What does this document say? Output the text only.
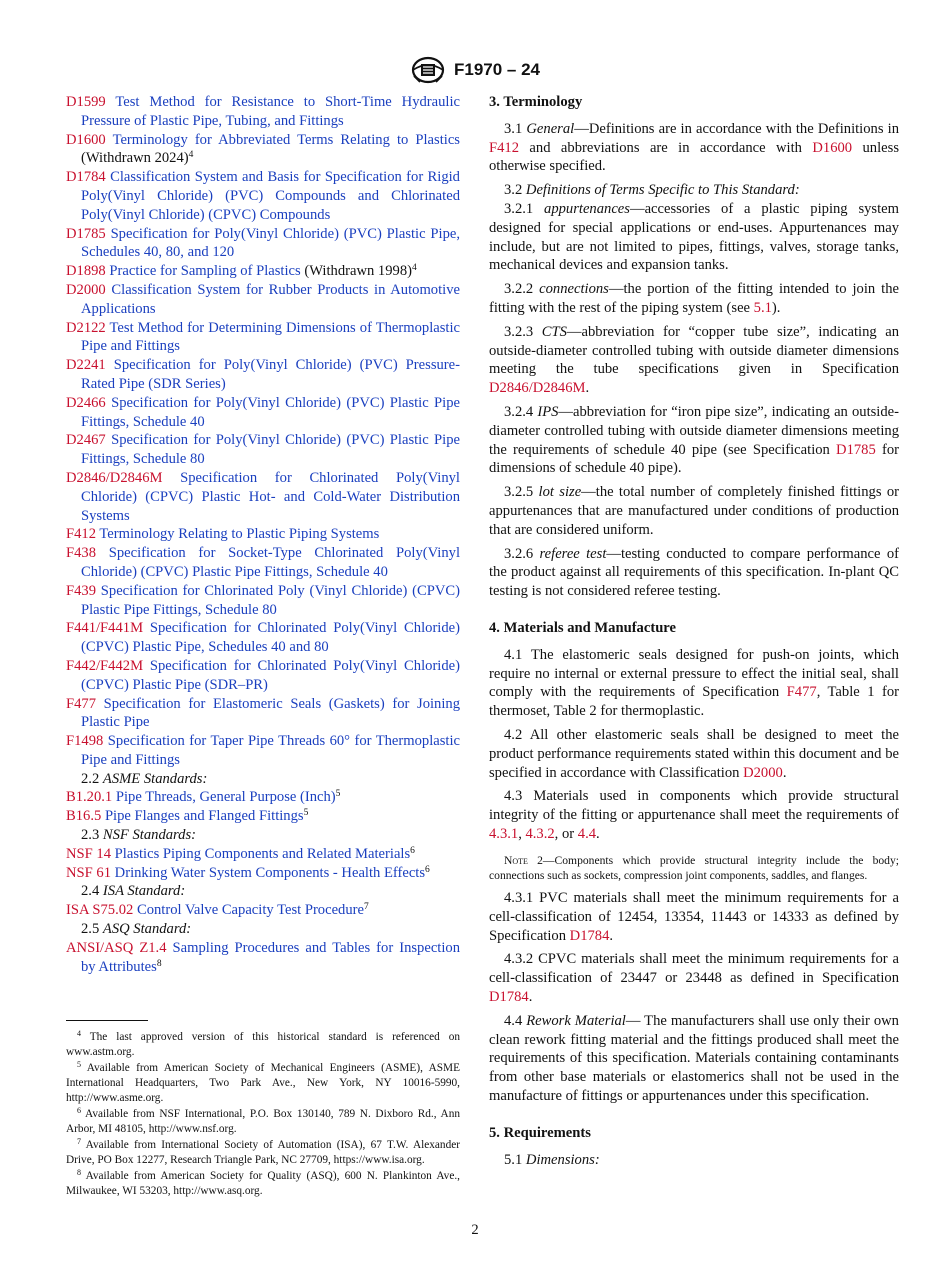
F1970 – 24
D1599 Test Method for Resistance to Short-Time Hydraulic Pressure of Plastic Pipe, Tubing, and Fittings
D1600 Terminology for Abbreviated Terms Relating to Plastics (Withdrawn 2024)$^4$
D1784 Classification System and Basis for Specification for Rigid Poly(Vinyl Chloride) (PVC) Compounds and Chlorinated Poly(Vinyl Chloride) (CPVC) Compounds
D1785 Specification for Poly(Vinyl Chloride) (PVC) Plastic Pipe, Schedules 40, 80, and 120
D1898 Practice for Sampling of Plastics (Withdrawn 1998)$^4$
D2000 Classification System for Rubber Products in Automotive Applications
D2122 Test Method for Determining Dimensions of Thermoplastic Pipe and Fittings
D2241 Specification for Poly(Vinyl Chloride) (PVC) Pressure-Rated Pipe (SDR Series)
D2466 Specification for Poly(Vinyl Chloride) (PVC) Plastic Pipe Fittings, Schedule 40
D2467 Specification for Poly(Vinyl Chloride) (PVC) Plastic Pipe Fittings, Schedule 80
D2846/D2846M Specification for Chlorinated Poly(Vinyl Chloride) (CPVC) Plastic Hot- and Cold-Water Distribution Systems
F412 Terminology Relating to Plastic Piping Systems
F438 Specification for Socket-Type Chlorinated Poly(Vinyl Chloride) (CPVC) Plastic Pipe Fittings, Schedule 40
F439 Specification for Chlorinated Poly (Vinyl Chloride) (CPVC) Plastic Pipe Fittings, Schedule 80
F441/F441M Specification for Chlorinated Poly(Vinyl Chloride) (CPVC) Plastic Pipe, Schedules 40 and 80
F442/F442M Specification for Chlorinated Poly(Vinyl Chloride) (CPVC) Plastic Pipe (SDR–PR)
F477 Specification for Elastomeric Seals (Gaskets) for Joining Plastic Pipe
F1498 Specification for Taper Pipe Threads 60° for Thermoplastic Pipe and Fittings
2.2 ASME Standards:
B1.20.1 Pipe Threads, General Purpose (Inch)$^5$
B16.5 Pipe Flanges and Flanged Fittings$^5$
2.3 NSF Standards:
NSF 14 Plastics Piping Components and Related Materials$^6$
NSF 61 Drinking Water System Components - Health Effects$^6$
2.4 ISA Standard:
ISA S75.02 Control Valve Capacity Test Procedure$^7$
2.5 ASQ Standard:
ANSI/ASQ Z1.4 Sampling Procedures and Tables for Inspection by Attributes$^8$
$^4$ The last approved version of this historical standard is referenced on www.astm.org.
$^5$ Available from American Society of Mechanical Engineers (ASME), ASME International Headquarters, Two Park Ave., New York, NY 10016-5990, http://www.asme.org.
$^6$ Available from NSF International, P.O. Box 130140, 789 N. Dixboro Rd., Ann Arbor, MI 48105, http://www.nsf.org.
$^7$ Available from International Society of Automation (ISA), 67 T.W. Alexander Drive, PO Box 12277, Research Triangle Park, NC 27709, https://www.isa.org.
$^8$ Available from American Society for Quality (ASQ), 600 N. Plankinton Ave., Milwaukee, WI 53203, http://www.asq.org.
3. Terminology
3.1 General—Definitions are in accordance with the Definitions in F412 and abbreviations are in accordance with D1600 unless otherwise specified.
3.2 Definitions of Terms Specific to This Standard:
3.2.1 appurtenances—accessories of a plastic piping system designed for special applications or end-uses. Appurtenances may include, but are not limited to pipes, fittings, valves, storage tanks, mechanical devices and expansion tanks.
3.2.2 connections—the portion of the fitting intended to join the fitting with the rest of the piping system (see 5.1).
3.2.3 CTS—abbreviation for “copper tube size”, indicating an outside-diameter controlled tubing with outside diameter dimensions meeting the tube specifications given in Specification D2846/D2846M.
3.2.4 IPS—abbreviation for “iron pipe size”, indicating an outside-diameter controlled tubing with outside diameter dimensions meeting the requirements of schedule 40 pipe (see Specification D1785 for dimensions of schedule 40 pipe).
3.2.5 lot size—the total number of completely finished fittings or appurtenances that are manufactured under conditions of production that are considered uniform.
3.2.6 referee test—testing conducted to compare performance of the product against all requirements of this specification. In-plant QC testing is not considered referee testing.
4. Materials and Manufacture
4.1 The elastomeric seals designed for push-on joints, which require no internal or external pressure to effect the initial seal, shall comply with the requirements of Specification F477, Table 1 for thermoset, Table 2 for thermoplastic.
4.2 All other elastomeric seals shall be designed to meet the product performance requirements stated within this document and be specified in accordance with Classification D2000.
4.3 Materials used in components which provide structural integrity of the fitting or appurtenance shall meet the requirements of 4.3.1, 4.3.2, or 4.4.
Note 2—Components which provide structural integrity include the body; connections such as sockets, compression joint components, saddles, and flanges.
4.3.1 PVC materials shall meet the minimum requirements for a cell-classification of 12454, 13354, 11443 or 14333 as defined by Specification D1784.
4.3.2 CPVC materials shall meet the minimum requirements for a cell-classification of 23447 or 23448 as defined in Specification D1784.
4.4 Rework Material— The manufacturers shall use only their own clean rework fitting material and the fittings produced shall meet the requirements of this specification. Materials containing contaminants from other base materials or elastomerics shall not be used in the manufacture of fittings or appurtenances under this specification.
5. Requirements
5.1 Dimensions:
2
